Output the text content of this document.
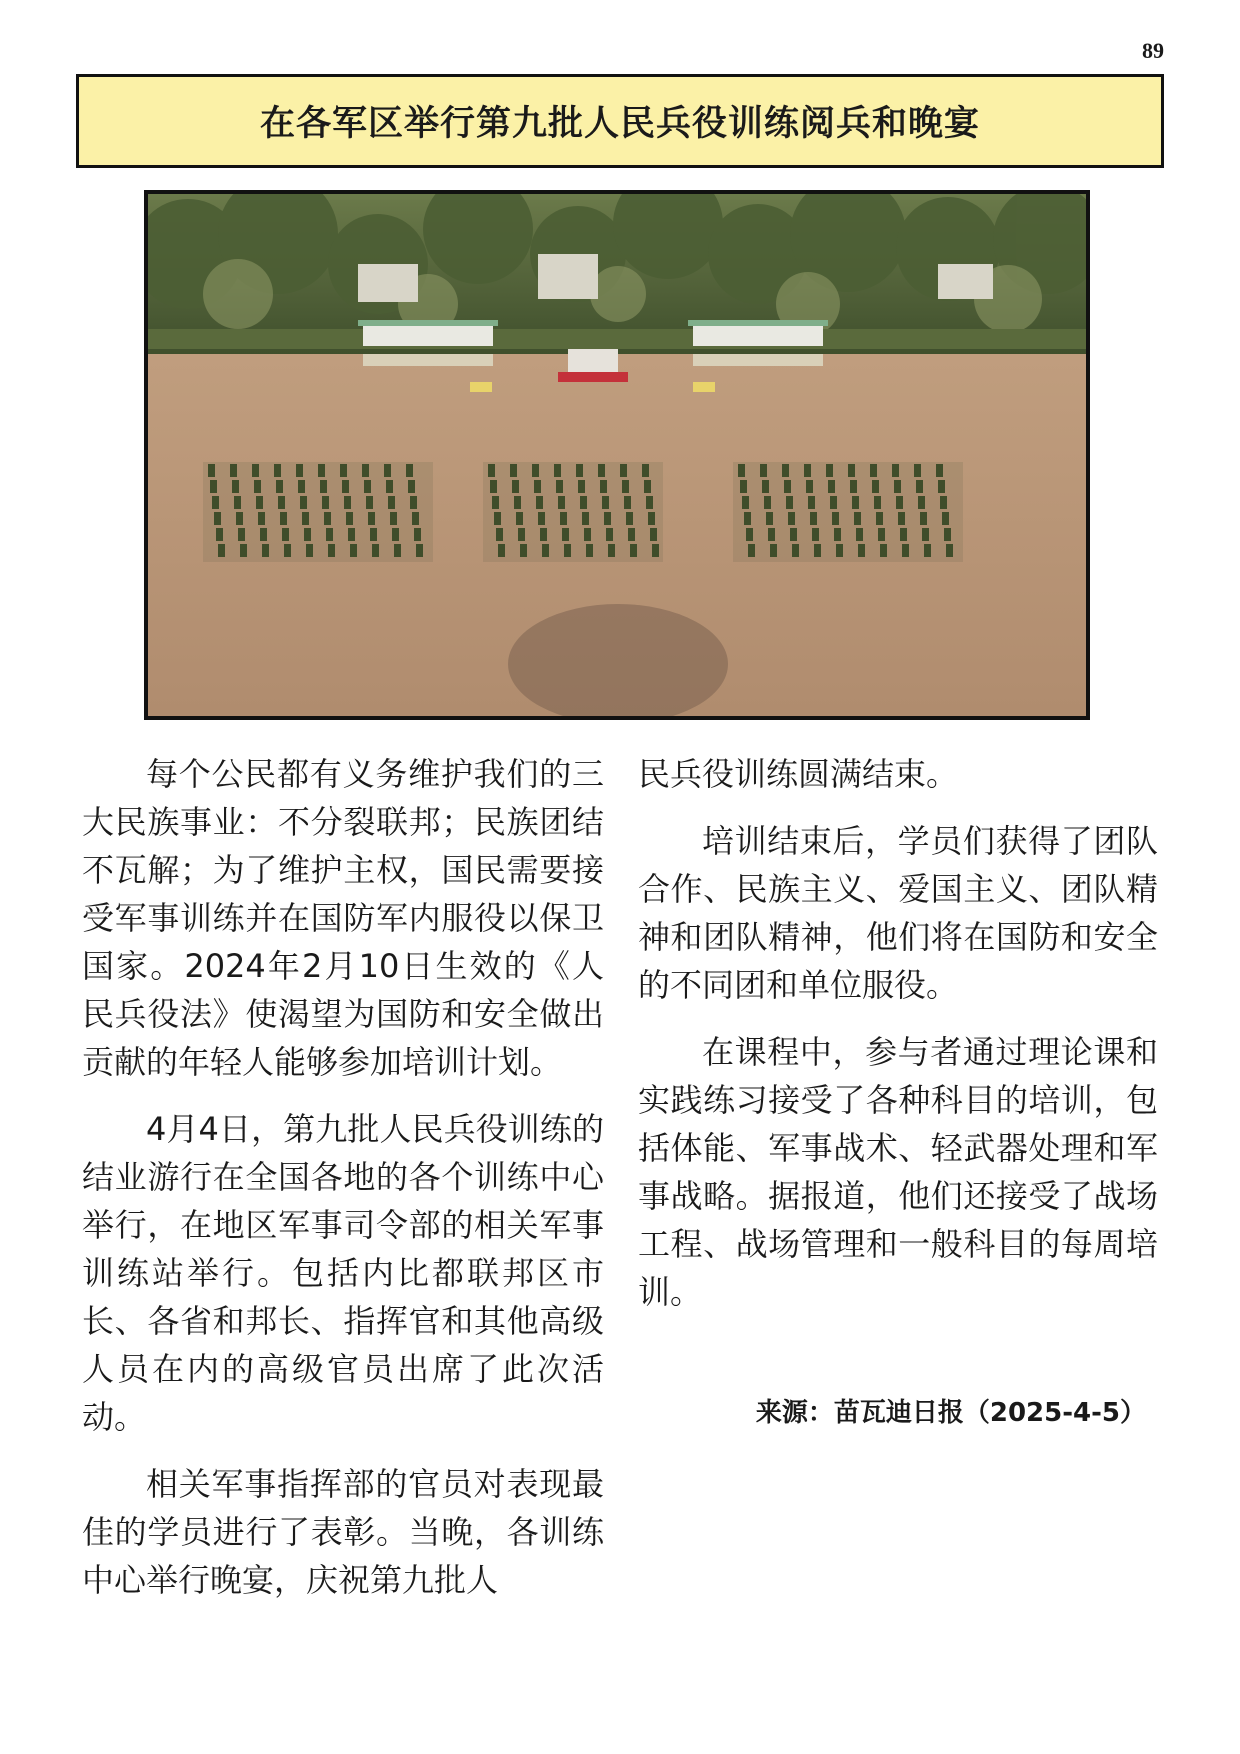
89
在各军区举行第九批人民兵役训练阅兵和晚宴

每个公民都有义务维护我们的三大民族事业：不分裂联邦；民族团结不瓦解；为了维护主权，国民需要接受军事训练并在国防军内服役以保卫国家。2024年2月10日生效的《人民兵役法》使渴望为国防和安全做出贡献的年轻人能够参加培训计划。

4月4日，第九批人民兵役训练的结业游行在全国各地的各个训练中心举行，在地区军事司令部的相关军事训练站举行。包括内比都联邦区市长、各省和邦长、指挥官和其他高级人员在内的高级官员出席了此次活动。

相关军事指挥部的官员对表现最佳的学员进行了表彰。当晚，各训练中心举行晚宴，庆祝第九批人

民兵役训练圆满结束。

培训结束后，学员们获得了团队合作、民族主义、爱国主义、团队精神和团队精神，他们将在国防和安全的不同团和单位服役。

在课程中，参与者通过理论课和实践练习接受了各种科目的培训，包括体能、军事战术、轻武器处理和军事战略。据报道，他们还接受了战场工程、战场管理和一般科目的每周培训。

来源：苗瓦迪日报（2025-4-5）
